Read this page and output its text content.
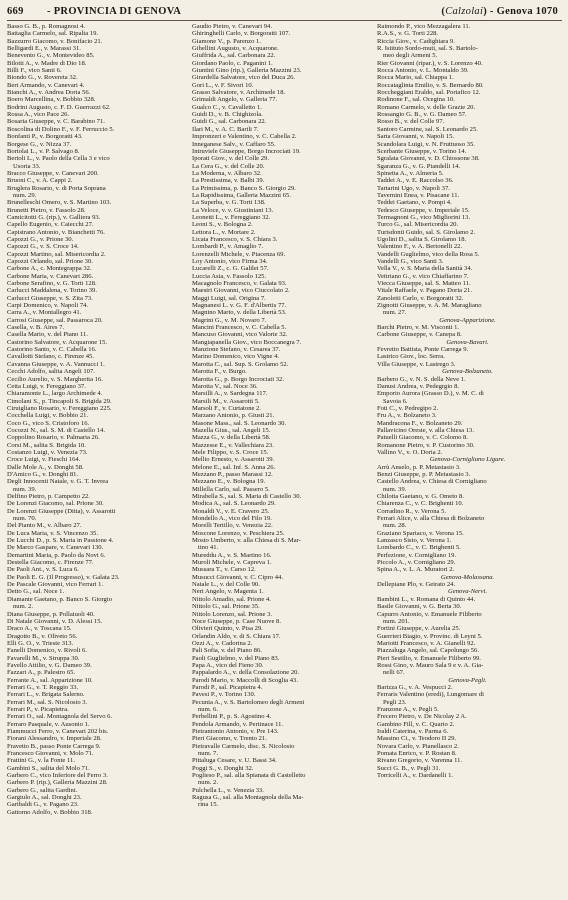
669 - PROVINCIA DI GENOVA	(Calzolai) - Genova 1070
Basso G. B., p. Romagnosi 4.
Battaglia Carmelo, sal. Ripalta 19.
Bazzurro Giacomo, v. Bonifacio 21.
Belligardi E., v. Marassi 31.
Benevento G., v. Montevideo 85.
Bilotti A., v. Madre di Dio 18.
Billi F., vico Santi 6.
Biondo G., v. Rovereta 32.
Bert Armando, v. Canevari 4.
Bianchi A., v. Andrea Doria 56.
Boero Marcellina, v. Bobbio 328.
Bodrini Augusto, c. F. D. Guerrazzi 62.
Rossa A., vico Pace 26.
Bosaria Giuseppe, v. C. Barabino 71.
Boscolina di Dolino F., v. F. Ferruccio 5.
Bonfanti P., v. Borgoratti 43.
Borgese G., v. Nizza 37.
Bortolai L., v. P. Salvago 8.
Bertoli L., v. Paolo della Cella 3 e vico
Usoria 33.
Bracco Giuseppe, v. Canevari 200.
Bruoni C., v. A. Cappi 2.
Bruglera Rosario, v. di Porta Soprana
num. 29.
Brunelleschi Omero, v. S. Martino 103.
Brunetti Pietro, v. Fassolo 28.
Camicitotti G. (rip.), v. Galliera 93.
Capello Eugenio, v. Caiecchi 27.
Capistrano Antonio, v. Bianchetti 76.
Capozzi G., v. Prione 30.
Capozzi G., v. S. Croce 14.
Capozzi Martino, sal. Misericordia 2.
Capozzi Orlando, sal. Prione 30.
Carbone A., c. Montegrappa 32.
Carbone Maria, v. Canevari 286.
Carbone Serafino, v. G. Torti 128.
Carlucci Maddalena, v. Torino 39.
Carlucci Giuseppe, v. S. Zita 73.
Carpi Domenico, v. Napoli 74.
Carra A., v. Montallegro 41.
Carrosi Giuseppe, sal. Passaroca 20.
Casella, v. B. Aires 7.
Casella Mario, v. del Piano 11.
Castorino Salvatore, v. Acquarone 15.
Castorino Santo, v. C. Cabella 16.
Cavallotti Stefano, c. Firenze 45.
Cavanna Giuseppe, v. A. Vannucci 1.
Cecchi Adolfo, salita Angeli 107.
Cecilio Aurelio, v. S. Margherita 16.
Cetta Luigi, v. Fereggiano 37.
Chiaramonte L., largo Archimede 4.
Cimolani S., p. Tincapoli S. Brigida 29.
Ciruigliano Rosario, v. Fereggiano 225.
Cocchella Luigi, v. Bobbio 21.
Coco G., vico S. Cristoforo 16.
Cocozzi N., sal. S. M. di Castello 14.
Coppolino Rosario, v. Palmaria 26.
Corsi M., salita S. Brigida 10.
Costanzo Luigi, v. Venezia 73.
Croce Luigi, v. Fieschi 164.
Dalle Mole A., v. Donghi 58.
D'Amico G., v. Donghi 81.
Degli Innocenti Natale, v. G. T. Invrea
num. 39.
Delfino Pietro, p. Campetto 22.
De Lorenzi Giacomo, sal. Prione 30.
De Lorenzi Giuseppe (Ditta), v. Assarotti
num. 70.
Del Pianto M., v. Albaro 27.
De Luca Maria, v. S. Vincenzo 35.
De Lucchi D., p. S. Maria in Passione 4.
De Marco Gaspare, v. Canevari 130.
Demartini Maria, p. Paolo da Novi 6.
Destella Giacomo, c. Firenze 77.
De Paoli Ant., v. S. Luca 6.
De Paoli E. G. (Il Progresso), v. Galata 23.
De Pascale Giovanni, vico Ferrari 1.
Detto G., sal. Noce 1.
Diamante Gaetano, p. Banco S. Giorgio
num. 2.
Diana Giuseppe, p. Pollaiuoli 40.
Di Natale Giovanni, v. D. Alessi 15.
Draco A., v. Toscana 15.
Dragotto B., v. Oliveto 56.
Elli G. O., v. Trieste 313.
Fanelli Domenico, v. Rivoli 6.
Favarelli M., v. Struppa 30.
Favello Attilio, v. G. Dameo 39.
Fazzari A., p. Palestro 65.
Ferrante A., sal. Apparizione 10.
Ferrari G., v. T. Reggio 33.
Ferrari L., v. Brigata Salerno.
Ferrari M., sal. S. Nicolosio 3.
Ferrari P., v. Picapietra.
Ferrari O., sal. Montagnola del Servo 6.
Ferraro Pasquale, v. Ausonio 1.
Fiammucci Ferro, v. Canevari 202 bis.
Fiorani Alessandro, v. Imperiale 28.
Fravetto B., passo Ponte Carrega 9.
Francesco Giovanni, v. Molo 71.
Frattini G., v. la Fonte 11.
Gambini S., salita del Molo 71.
Garbero C., vico Inferiore del Ferro 3.
Garbero P. (rip.), Galleria Mazzini 28.
Garbero G., salita Gardini.
Gargiulo A., sal. Donghi 23.
Garibaldi G., v. Pagano 23.
Gattorno Adolfo, v. Bobbio 318.
Gaudio Pietro, v. Canevari 94.
Ghiringhelli Carlo, v. Borgoratti 107.
Giamone V., p. Parenzo 1.
Gibellini Augusto, v. Acquarone.
Giuffrida A., sal. Carbonara 22.
Giordano Paolo, c. Paganini 1.
Giuntini Gino (rip.), Galleria Mazzini 23.
Girardella Salvatore, vico del Duca 26.
Gori L., v. F. Sivori 10.
Grasso Salvatore, v. Archimede 18.
Grimaldi Angelo, v. Galleria 77.
Gualco C., v. Cavalletto 1.
Guidi D., v. B. Chighizola.
Guidi G., sal. Carbonara 22.
Ilari M., v. A. C. Barili 7.
Impronzeri e Valentino, v. C. Cabella 2.
Inneganese Salv., v. Caffaro 55.
Intruviele Giuseppe, Borgo Incrociati 19.
Iporati Giov., v. del Colle 29.
La Cera G., v. del Colle 20.
La Moderna, v. Albaro 32.
La Prestissima, v. Balbi 39.
La Primissima, p. Banco S. Giorgio 29.
La Rapidissima, Galleria Mazzini 65.
La Superba, v. G. Torti 138.
La Veloce, v. v. Giustiniani 13.
Leonetti L., v. Fereggiano 32.
Leoni S., v. Bologna 2.
Lettora L., v. Mortare 2.
Licata Francesco, v. S. Chiara 3.
Lombardi P., v. Amaglio 7.
Lorenzelli Michele, v. Piacenza 69.
Loy Antonio, vico Firma 34.
Lucarelli Z., c. G. Galilei 57.
Luccia Asia, v. Fassolo 125.
Macagnolo Francesco, v. Galata 93.
Maestri Giovanni, vico Ciuccolato 2.
Maggi Luigi, sal. Origina 7.
Magnanesi L. v. G. F. d'Albertis 77.
Magnino Mario, v. della Libertà 53.
Magrini G., v. M. Novaro 7.
Mancini Francesco, v. C. Cabella 5.
Mancuso Giovanni, vico Valorie 32.
Mangiapanella Giov., vico Boccanegra 7.
Manzione Stefano, v. Cesarea 37.
Marino Domenico, vico Vigne 4.
Marotta C., sal. Sup. S. Grolamo 52.
Marotta F., v. Burgo.
Marotta G., p. Borgo Incrociati 32.
Marotta V., sal. Noce 36.
Marsilli A., v. Sardegna 117.
Marsili M., v. Assarotti 5.
Marsoli F., v. Curtatone 2.
Marzano Antonio, p. Giusti 21.
Masone Mass., sal. S. Leonardo 30.
Mazella Gius., sal. Angeli 15.
Mazza G., v. della Libertà 58.
Mazzesse E., v. Vallechiara 23.
Mele Filippo, v. S. Croce 15.
Mellio Ernesto, v. Assarotti 39.
Melone E., sal. Inf. S. Anna 26.
Mezzano P., passo Marassi 12.
Mezzano E., v. Bologna 19.
Millella Carlo, sal. Passero 5.
Mirabella S., sal. S. Maria di Castello 30.
Modica A., sal. S. Leonardo 29.
Monaldi V., v. E. Cravero 25.
Mondello A., vico del Filo 19.
Morelli Tertillo, v. Venezia 22.
Moscone Lorenzo, v. Peschiera 25.
Mosto Umberto, v. alla Chiesa di S. Mar-
tino 41.
Mureddu A., v. S. Martino 16.
Muroli Michele, v. Capreva 1.
Mussara T., v. Carso 12.
Musucci Giovanni, v. C. Cipro 44.
Natale L., v. del Colle 90.
Neri Angelo, v. Magenta 1.
Nittolo Amadio, sal. Prione 4.
Nittolo G., sal. Prione 35.
Nittolo Lorenzo, sal. Prione 3.
Noce Giuseppe, p. Case Nuove 8.
Olivieri Quinto, v. Pisa 29.
Orlandin Aldo, v. di S. Chiara 17.
Ozzi A., v. Cadorina 2.
Pali Sofia, v. del Piano 86.
Paoli Guglielmo, v. del Piano 83.
Papa A., vico del Fieno 30.
Pappalardo A., v. della Consolazione 20.
Parodi Mario, v. Maccolli di Scoglia 43.
Parodi P., sal. Picapietra 4.
Pavesi P., v. Torino 130.
Pecunia A., v. S. Bartolomeo degli Armeni
num. 6.
Perbellini P., p. S. Agostino 4.
Pendola Armando, v. Pertinace 11.
Pietrantonio Antonio, v. Pre 143.
Pieri Giacomo, v. Trento 21.
Pietravalle Carmelo, disc. S. Nicolosio
num. 7.
Pittaluga Cesare, v. U. Bassi 34.
Poggi S., v. Donghi 32.
Poglieso P., sal. alla Spianata di Castelletto
num. 2.
Pulchella L., v. Venezia 33.
Ragusa G., sal. alla Montagnola della Ma-
rina 15.
Raimondo P., vico Mezzagalera 11.
R.A.S., v. G. Torti 228.
Riccia Giov., v. Cadighiara 9.
R. Istituto Sordo-muti, sal. S. Bartolo-
meo degli Armeni 5.
Rier Giovanni (ripar.), v. S. Lorenzo 40.
Rocca Antonio, v. L. Montaldo 39.
Rocca Mario, sal. Chiappa 1.
Roccataglinta Emilio, v. S. Bernardo 80.
Roccheggiani Eraldo, sal. Portafico 12.
Rodinone F., sal. Ocegina 10.
Romano Carmelo, v. delle Grazie 20.
Rossangio G. B., v. G. Dameo 57.
Rosso B., v. del Colle 97.
Santoro Carmine, sal. S. Leonardo 25.
Sarta Giovanni, v. Napoli 15.
Scandolara Luigi, v. N. Fruttuoso 35.
Scerbante Giuseppe, v. Torino 14.
Sgralata Giovanni, v. D. Chiossone 38.
Sgaranza G., v. G. Piandelli 14.
Spinetta A., v. Almeria 5.
Taddei A., v. E. Raccolso 36.
Tartarini Ugo, v. Napoli 37.
Tavernini Enea, v. Pisacane 11.
Teddei Gaetano, v. Pompi 4.
Tedesco Giuseppe, v. Imperiale 15.
Termagnoni G., vico Migliorini 13.
Turco G., sal. Misericordia 20.
Turisdonti Guido, sal. S. Girolamo 2.
Ugolini D., salita S. Girolamo 18.
Valentino F., v. A. Bertonelli 22.
Vandelli Guglielmo, vico della Rosa 5.
Vandelli G., vico Santi 3.
Vella V., v. S. Maria della Sanità 34.
Vettriano G., v. vico Chiaffarino 7.
Viecca Giuseppe, sal. S. Matteo 11.
Vitale Raffaele, v. Pagano Doria 21.
Zanoletti Carlo, v. Borgoratti 32.
Zignotti Giuseppe, v. A. M. Maragliano
num. 27.
Genova-Apparizione.
Barchi Pietro, v. M. Visconti 1.
Carbone Giuseppe, v. Canepa 8.
Genova-Bavari.
Fevretto Battista, Ponte Carrega 9.
Lastrico Giov., loc. Serra.
Villa Giuseppe, v. Lastrego 3.
Genova-Bolzaneto.
Barbero G., v. N. S. della Neve 1.
Danusi Andrea, v. Pedegrgio 8.
Emporio Aurora (Grasso D.), v. M. C. di
Savoia 6.
Foti C., v. Pedregipo 2.
Fru A., v. Bolzaneto 3.
Mandracona F., v. Bolzaneto 29.
Pallavicino Oreste, v. alla Chiesa 13.
Patuelli Giacomo, v. C. Colomo 8.
Romanone Pietro, v. P. Custorino 30.
Vallino V., v. O. Doria 2.
Genova-Cornigliano Ligure.
Arrù Anselo, p. P. Metastasio 3.
Benzi Giuseppe, p. P. Metastasio 3.
Castello Andrea, v. Chiesa di Cornigliano
num. 39.
Chilotta Gaetano, v. G. Ometo 8.
Chiarenza C., v. C. Brighenti 10.
Corradino R., v. Verona 5.
Ferrari Alice, v. alla Chiesa di Bolzaneto
num. 28.
Graziano Spartaco, v. Verona 15.
Lanzasco Sisto, v. Verona 1.
Lombardo C., v. C. Brighenti 5.
Perfezione, v. Cornigliano 19.
Piccolo A., v. Cornigliano 29.
Spina A., v. L. A. Muratori 2.
Genova-Molassana.
Dellepiane Plo, v. Geirato 24.
Genova-Nervi.
Bambini L., v. Romana di Quinto 44.
Basile Giovanni, v. G. Berta 30.
Capurro Antonio, v. Emanuele Filiberto
num. 201.
Fortini Giuseppe, v. Aurelia 25.
Guerrieri Biagio, v. Provinc. di Leyni 5.
Mariotti Francesco, v. A. Gianelli 92.
Piazzaluga Angelo, sal. Capolungo 56.
Pieri Sestilio, v. Emanuele Filiberto 99.
Rossi Gino, v. Mauro Sala 9 e v. A. Gia-
nelli 67.
Genova-Pegli.
Barizza G., v. A. Vespucci 2.
Ferraris Valentino (eredi), Lungomare di
Pegli 23.
Franzone A., v. Pegli 5.
Frecero Pietro, v. De Nicolay 2 A.
Gambino Fill, v. C. Quario 2.
Iraldi Caterina, v. Parma 6.
Massino Ci., v. Teodoro II 29.
Novara Carlo, v. Pianellasco 2.
Pomata Enrico, v. P. Rostan 8.
Rivano Gregorio, v. Varenna 11.
Succi G. B., v. Pegli 31.
Torricelli A., v. Dardanelli 1.
